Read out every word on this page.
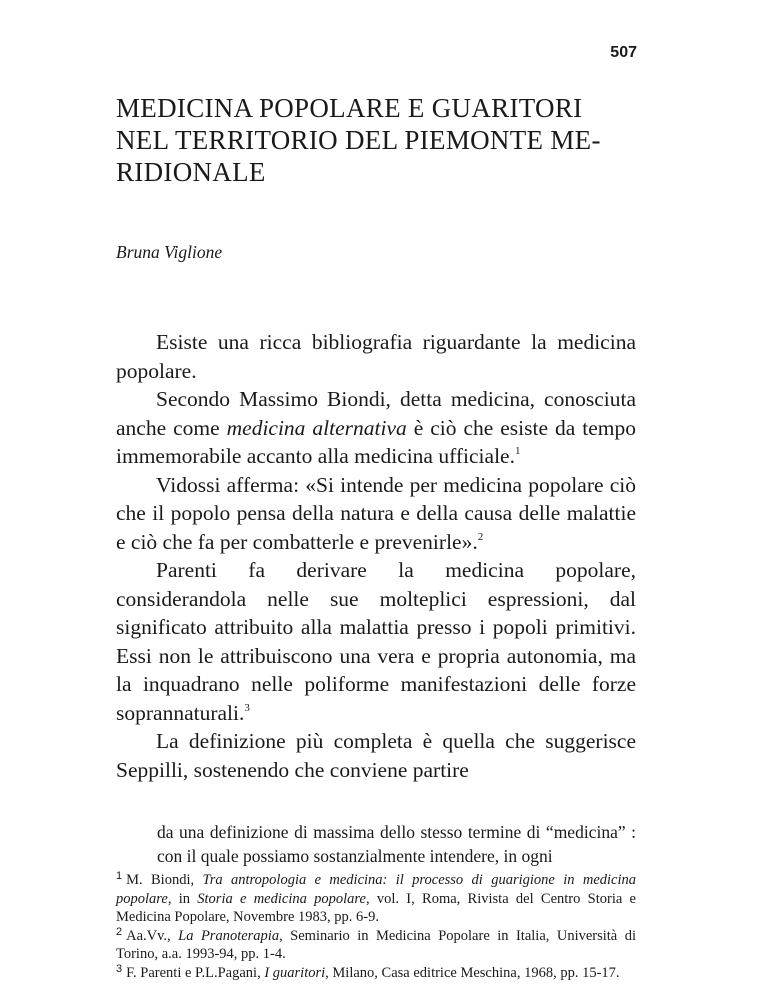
507
MEDICINA POPOLARE E GUARITORI
NEL TERRITORIO DEL PIEMONTE ME-
RIDIONALE
Bruna Viglione

Esiste una ricca bibliografia riguardante la medicina popolare.

Secondo Massimo Biondi, detta medicina, conosciuta anche come medicina alternativa è ciò che esiste da tempo immemorabile accanto alla medicina ufficiale.$^1$

Vidossi afferma: «Si intende per medicina popolare ciò che il popolo pensa della natura e della causa delle malattie e ciò che fa per combatterle e prevenirle».$^2$

Parenti fa derivare la medicina popolare, considerandola nelle sue molteplici espressioni, dal significato attribuito alla malattia presso i popoli primitivi. Essi non le attribuiscono una vera e propria autonomia, ma la inquadrano nelle poliforme manifestazioni delle forze soprannaturali.$^3$

La definizione più completa è quella che suggerisce Seppilli, sostenendo che conviene partire

da una definizione di massima dello stesso termine di “medicina” : con il quale possiamo sostanzialmente intendere, in ogni

$^1$ M. Biondi, Tra antropologia e medicina: il processo di guarigione in medicina popolare, in Storia e medicina popolare, vol. I, Roma, Rivista del Centro Storia e Medicina Popolare, Novembre 1983, pp. 6-9.

$^2$ Aa.Vv., La Pranoterapia, Seminario in Medicina Popolare in Italia, Università di Torino, a.a. 1993-94, pp. 1-4.

$^3$ F. Parenti e P.L.Pagani, I guaritori, Milano, Casa editrice Meschina, 1968, pp. 15-17.
